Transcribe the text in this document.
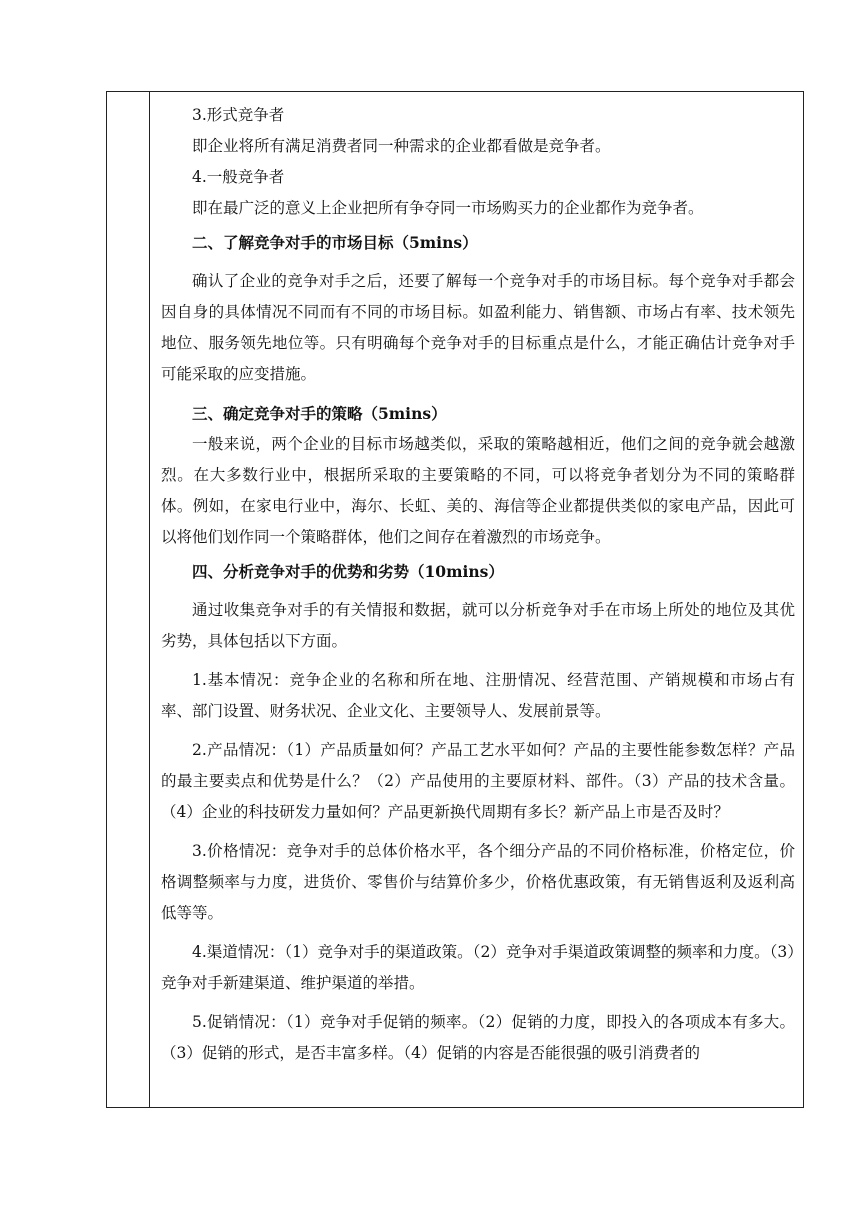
3.形式竞争者

即企业将所有满足消费者同一种需求的企业都看做是竞争者。

4.一般竞争者

即在最广泛的意义上企业把所有争夺同一市场购买力的企业都作为竞争者。

二、了解竞争对手的市场目标（5mins）

确认了企业的竞争对手之后，还要了解每一个竞争对手的市场目标。每个竞争对手都会因自身的具体情况不同而有不同的市场目标。如盈利能力、销售额、市场占有率、技术领先地位、服务领先地位等。只有明确每个竞争对手的目标重点是什么，才能正确估计竞争对手可能采取的应变措施。

三、确定竞争对手的策略（5mins）

一般来说，两个企业的目标市场越类似，采取的策略越相近，他们之间的竞争就会越激烈。在大多数行业中，根据所采取的主要策略的不同，可以将竞争者划分为不同的策略群体。例如，在家电行业中，海尔、长虹、美的、海信等企业都提供类似的家电产品，因此可以将他们划作同一个策略群体，他们之间存在着激烈的市场竞争。

四、分析竞争对手的优势和劣势（10mins）

通过收集竞争对手的有关情报和数据，就可以分析竞争对手在市场上所处的地位及其优劣势，具体包括以下方面。

1.基本情况：竞争企业的名称和所在地、注册情况、经营范围、产销规模和市场占有率、部门设置、财务状况、企业文化、主要领导人、发展前景等。

2.产品情况：（1）产品质量如何？产品工艺水平如何？产品的主要性能参数怎样？产品的最主要卖点和优势是什么？（2）产品使用的主要原材料、部件。（3）产品的技术含量。（4）企业的科技研发力量如何？产品更新换代周期有多长？新产品上市是否及时？

3.价格情况：竞争对手的总体价格水平，各个细分产品的不同价格标准，价格定位，价格调整频率与力度，进货价、零售价与结算价多少，价格优惠政策，有无销售返利及返利高低等等。

4.渠道情况：（1）竞争对手的渠道政策。（2）竞争对手渠道政策调整的频率和力度。（3）竞争对手新建渠道、维护渠道的举措。

5.促销情况：（1）竞争对手促销的频率。（2）促销的力度，即投入的各项成本有多大。（3）促销的形式，是否丰富多样。（4）促销的内容是否能很强的吸引消费者的
